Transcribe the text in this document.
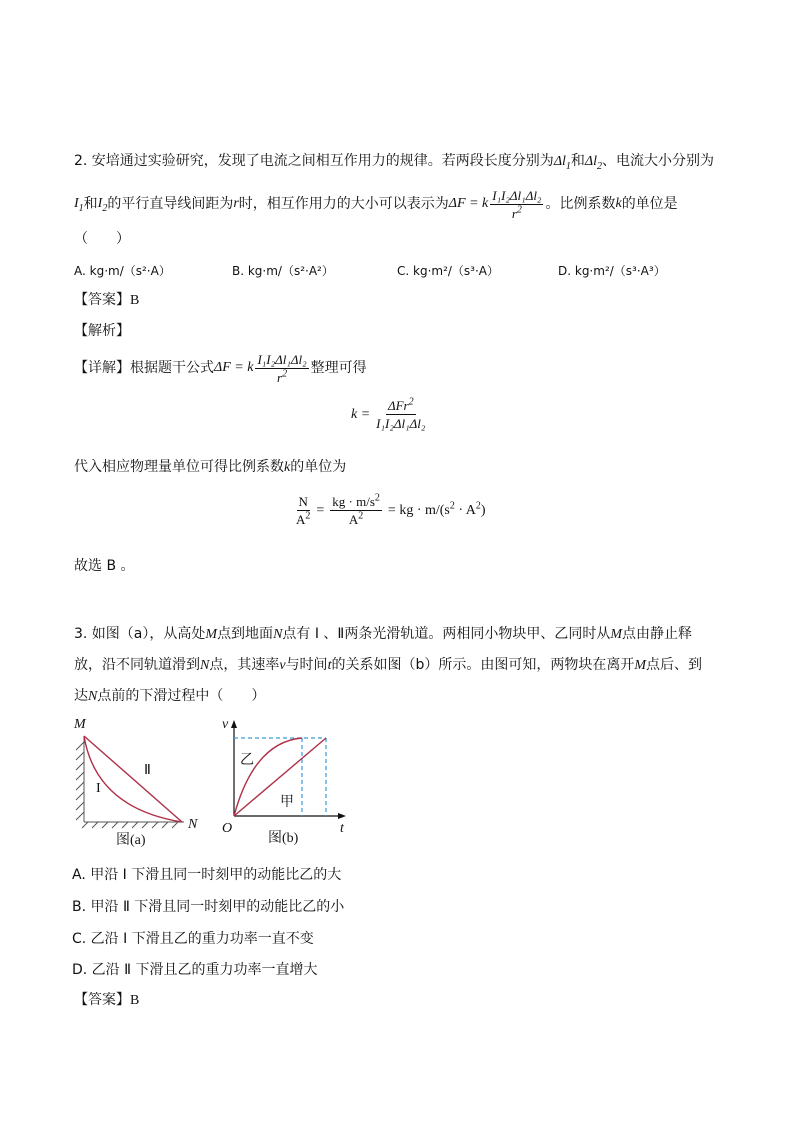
2. 安培通过实验研究，发现了电流之间相互作用力的规律。若两段长度分别为$\Delta l_1$和$\Delta l_2$、电流大小分别为
$I_1$ 和 $I_2$ 的平行直导线间距为 r 时，相互作用力的大小可以表示为 ΔF = k $\frac{\text{I₁I₂Δl₁Δl₂}}{r^2}$ 。比例系数 k 的单位是
（　　）
A. kg·m/（s²·A）	B. kg·m/（s²·A²）	C. kg·m²/（s³·A）	D. kg·m²/（s³·A³）
【答案】B
【解析】
【详解】 根据题干公式 ΔF = k $\frac{\text{I₁I₂Δl₁Δl₂}}{r^2}$ 整理可得
$k = \frac{\Delta Fr^2}{\text{I₁I₂Δl₁Δl₂}}$
代入相应物理量单位可得比例系数k的单位为
$\frac{N}{A^2} = \frac{kg \cdot m/s^2}{A^2}$ = kg · $m/(s^2 \cdot A^2)$
故选 B 。
3. 如图（a），从高处M点到地面N点有 Ⅰ 、Ⅱ两条光滑轨道。两相同小物块甲、乙同时从M点由静止释
放，沿不同轨道滑到N点，其速率v与时间t的关系如图（b）所示。由图可知，两物块在离开M点后、到
达N点前的下滑过程中（　　）
M
N
Ⅱ
I
图(a)
v
t
O
乙
甲
图(b)
A. 甲沿 I 下滑且同一时刻甲的动能比乙的大
B. 甲沿 Ⅱ 下滑且同一时刻甲的动能比乙的小
C. 乙沿 I 下滑且乙的重力功率一直不变
D. 乙沿 Ⅱ 下滑且乙的重力功率一直增大
【答案】B
